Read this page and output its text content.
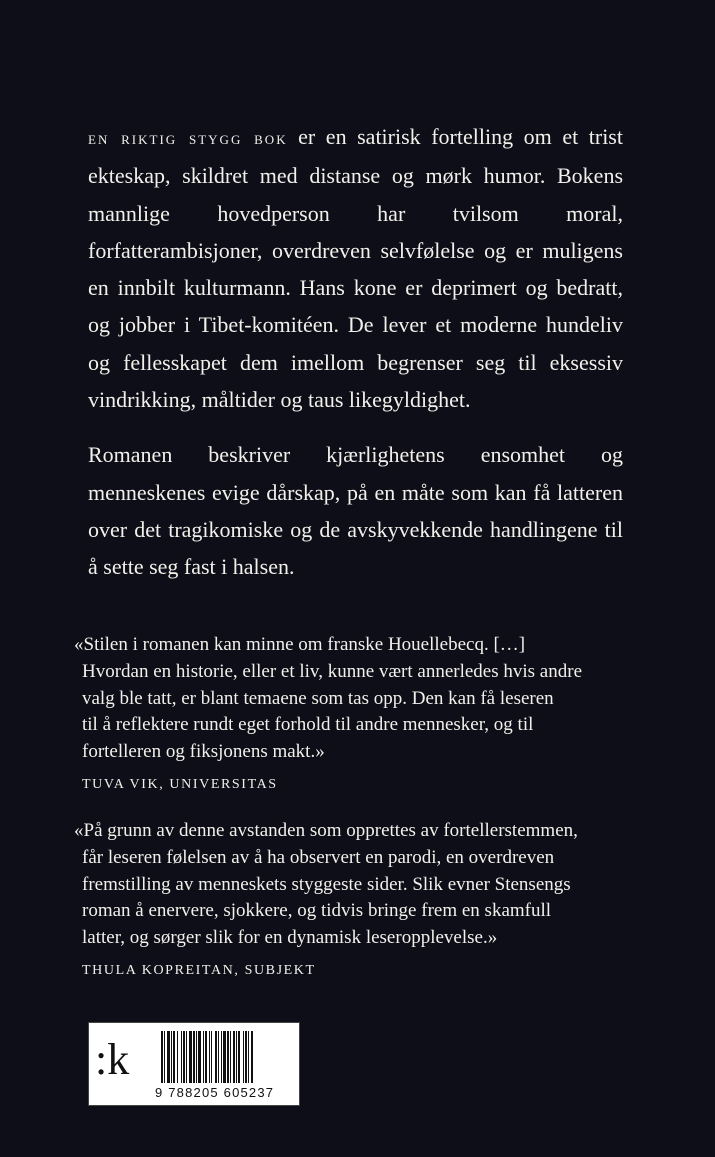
en riktig stygg bok er en satirisk fortelling om et trist ekteskap, skildret med distanse og mørk humor. Bokens mannlige hovedperson har tvilsom moral, forfatterambisjoner, overdreven selvfølelse og er muligens en innbilt kulturmann. Hans kone er deprimert og bedratt, og jobber i Tibet-komitéen. De lever et moderne hundeliv og fellesskapet dem imellom begrenser seg til eksessiv vindrikking, måltider og taus likegyldighet.

Romanen beskriver kjærlighetens ensomhet og menneskenes evige dårskap, på en måte som kan få latteren over det tragikomiske og de avskyvekkende handlingene til å sette seg fast i halsen.

«Stilen i romanen kan minne om franske Houellebecq. […]
Hvordan en historie, eller et liv, kunne vært annerledes hvis andre
valg ble tatt, er blant temaene som tas opp. Den kan få leseren
til å reflektere rundt eget forhold til andre mennesker, og til
fortelleren og fiksjonens makt.»
TUVA VIK, UNIVERSITAS
«På grunn av denne avstanden som opprettes av fortellerstemmen,
får leseren følelsen av å ha observert en parodi, en overdreven
fremstilling av menneskets styggeste sider. Slik evner Stensengs
roman å enervere, sjokkere, og tidvis bringe frem en skamfull
latter, og sørger slik for en dynamisk leseropplevelse.»
THULA KOPREITAN, SUBJEKT
:k
9 788205 605237
